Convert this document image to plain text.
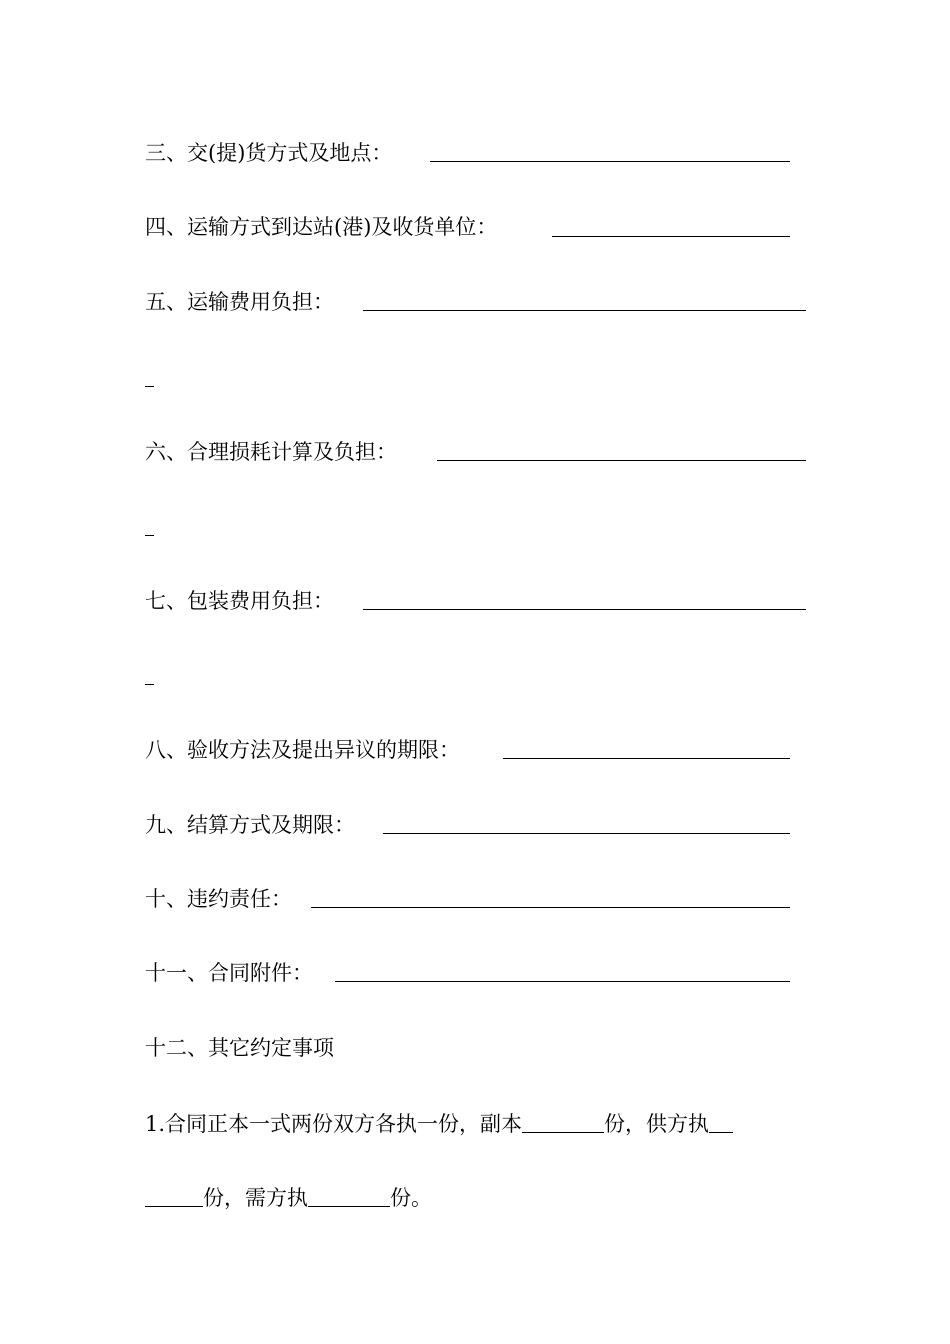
三、交(提)货方式及地点：
四、运输方式到达站(港)及收货单位：
五、运输费用负担：
六、合理损耗计算及负担：
七、包装费用负担：
八、验收方法及提出异议的期限：
九、结算方式及期限：
十、违约责任：
十一、合同附件：
十二、其它约定事项
1.合同正本一式两份双方各执一份，副本	份，供方执
份，需方执	份。
